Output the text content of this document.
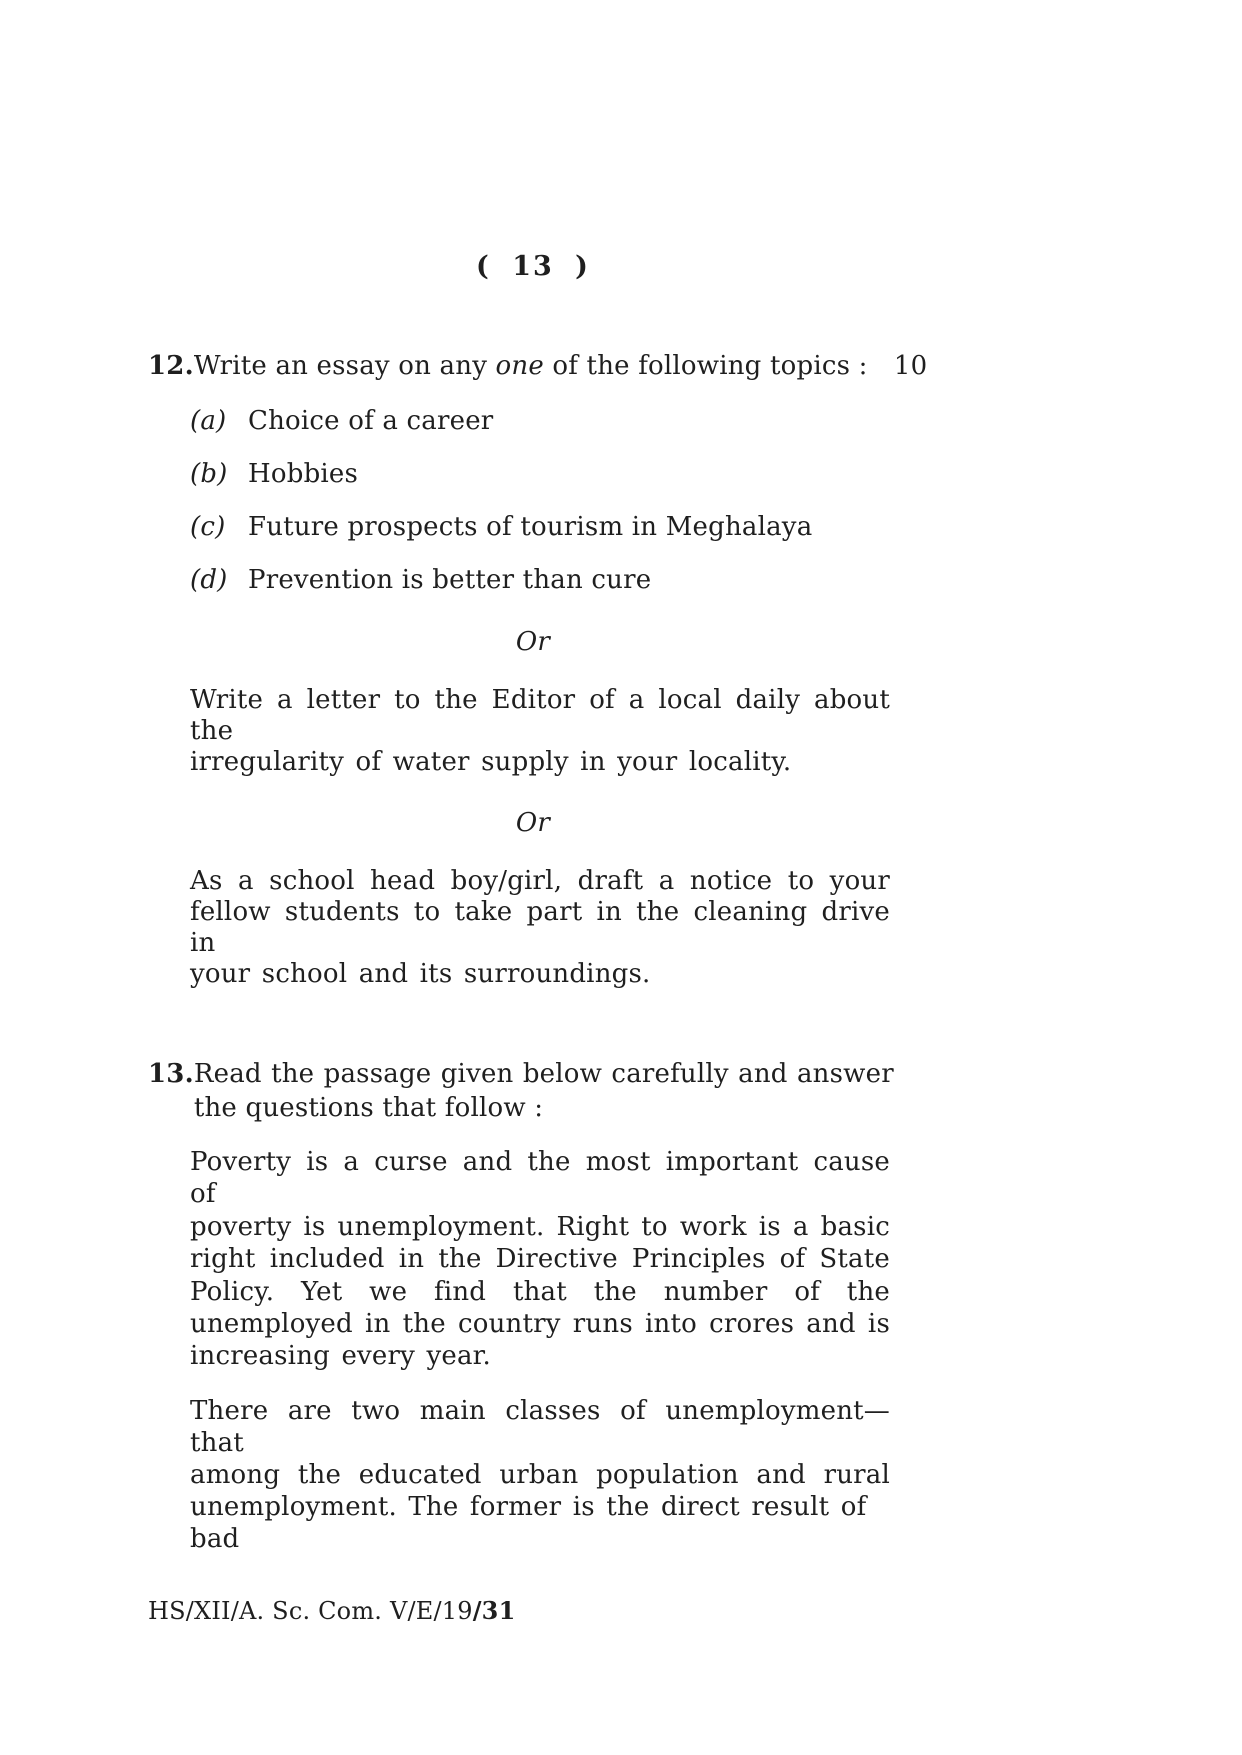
( 13 )
12. Write an essay on any one of the following topics :	10
(a) Choice of a career
(b) Hobbies
(c) Future prospects of tourism in Meghalaya
(d) Prevention is better than cure
Or
Write a letter to the Editor of a local daily about the
irregularity of water supply in your locality.
Or
As a school head boy/girl, draft a notice to your
fellow students to take part in the cleaning drive in
your school and its surroundings.
13. Read the passage given below carefully and answer
the questions that follow :
Poverty is a curse and the most important cause of
poverty is unemployment. Right to work is a basic
right included in the Directive Principles of State
Policy. Yet we find that the number of the
unemployed in the country runs into crores and is
increasing every year.
There are two main classes of unemployment—that
among the educated urban population and rural
unemployment. The former is the direct result of bad
HS/XII/A. Sc. Com. V/E/19/31
